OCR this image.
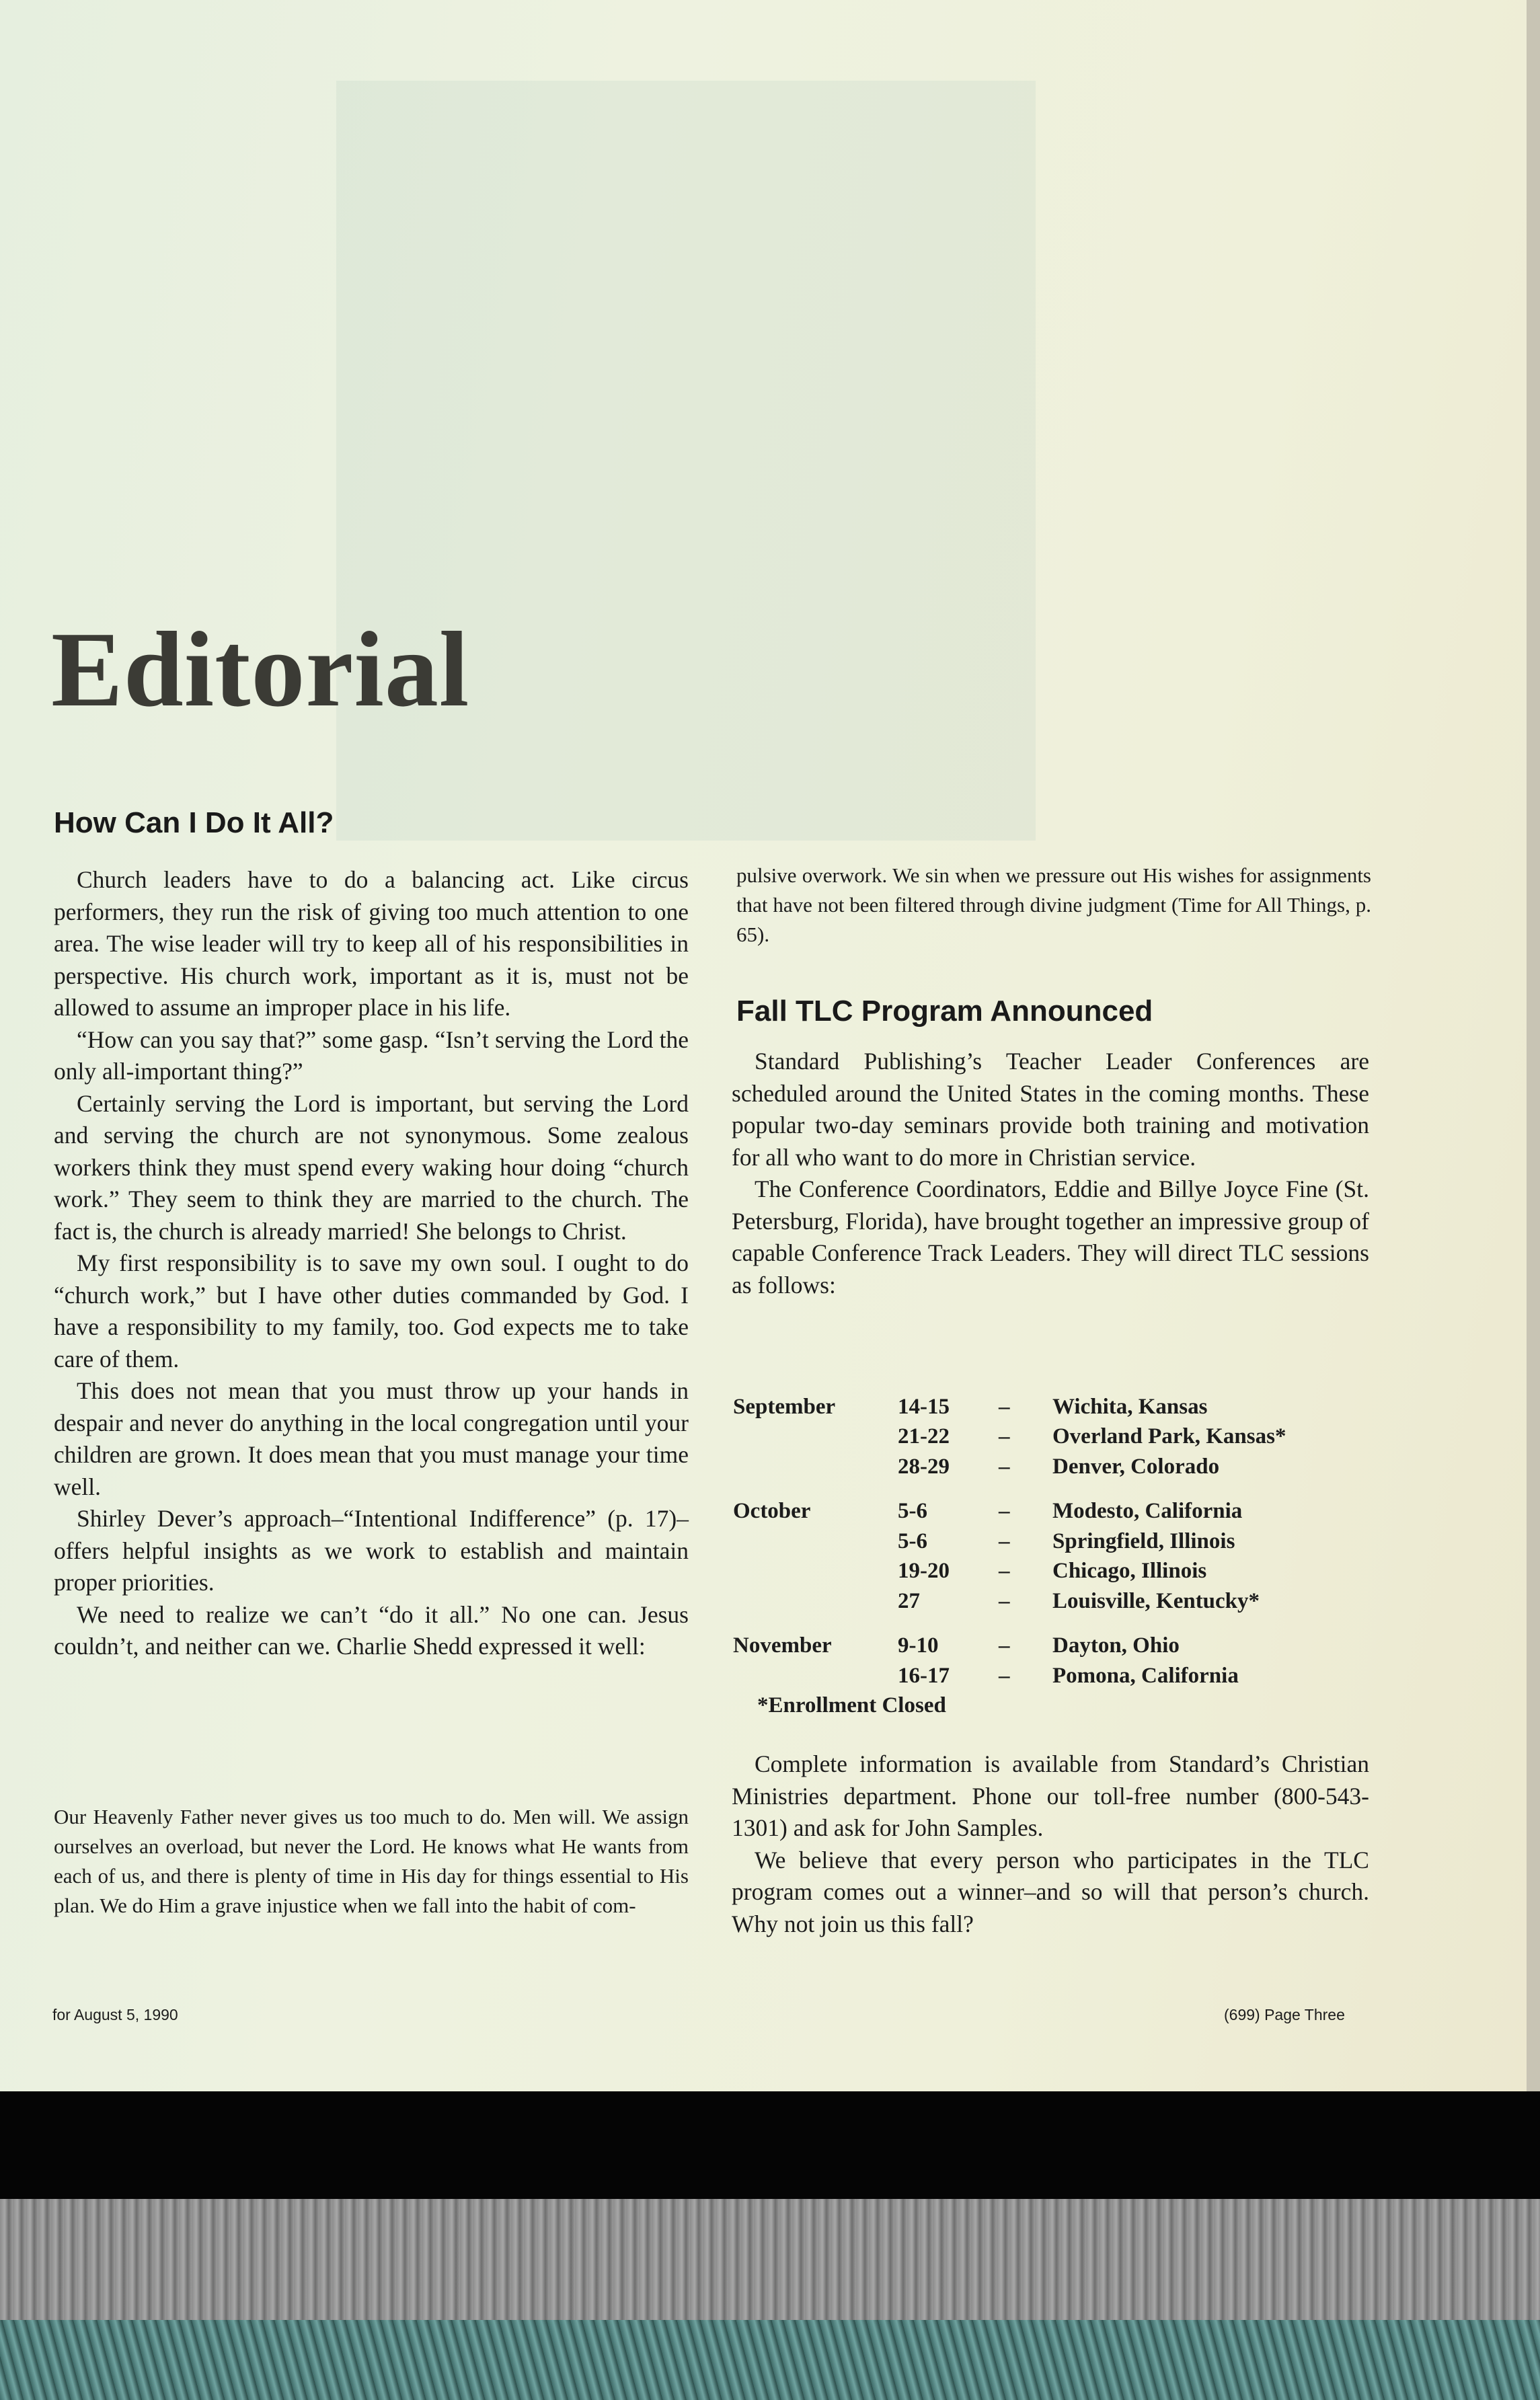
Editorial
How Can I Do It All?

Church leaders have to do a balancing act. Like circus performers, they run the risk of giving too much attention to one area. The wise leader will try to keep all of his responsibilities in perspective. His church work, important as it is, must not be allowed to assume an improper place in his life.

“How can you say that?” some gasp. “Isn’t serving the Lord the only all-important thing?”

Certainly serving the Lord is important, but serving the Lord and serving the church are not synonymous. Some zealous workers think they must spend every waking hour doing “church work.” They seem to think they are married to the church. The fact is, the church is already married! She belongs to Christ.

My first responsibility is to save my own soul. I ought to do “church work,” but I have other duties commanded by God. I have a responsibility to my family, too. God expects me to take care of them.

This does not mean that you must throw up your hands in despair and never do anything in the local congregation until your children are grown. It does mean that you must manage your time well.

Shirley Dever’s approach–“Intentional Indifference” (p. 17)–offers helpful insights as we work to establish and maintain proper priorities.

We need to realize we can’t “do it all.” No one can. Jesus couldn’t, and neither can we. Charlie Shedd expressed it well:

Our Heavenly Father never gives us too much to do. Men will. We assign ourselves an overload, but never the Lord. He knows what He wants from each of us, and there is plenty of time in His day for things essential to His plan. We do Him a grave injustice when we fall into the habit of com-
pulsive overwork. We sin when we pressure out His wishes for assignments that have not been filtered through divine judgment (Time for All Things, p. 65).
Fall TLC Program Announced

Standard Publishing’s Teacher Leader Conferences are scheduled around the United States in the coming months. These popular two-day seminars provide both training and motivation for all who want to do more in Christian service.

The Conference Coordinators, Eddie and Billye Joyce Fine (St. Petersburg, Florida), have brought together an impressive group of capable Conference Track Leaders. They will direct TLC sessions as follows:

September	14-15	–	Wichita, Kansas
21-22	–	Overland Park, Kansas*
28-29	–	Denver, Colorado
October	5-6	–	Modesto, California
5-6	–	Springfield, Illinois
19-20	–	Chicago, Illinois
27	–	Louisville, Kentucky*
November	9-10	–	Dayton, Ohio
16-17	–	Pomona, California
*Enrollment Closed

Complete information is available from Standard’s Christian Ministries department. Phone our toll-free number (800-543-1301) and ask for John Samples.

We believe that every person who participates in the TLC program comes out a winner–and so will that person’s church. Why not join us this fall?

for August 5, 1990	(699) Page Three
